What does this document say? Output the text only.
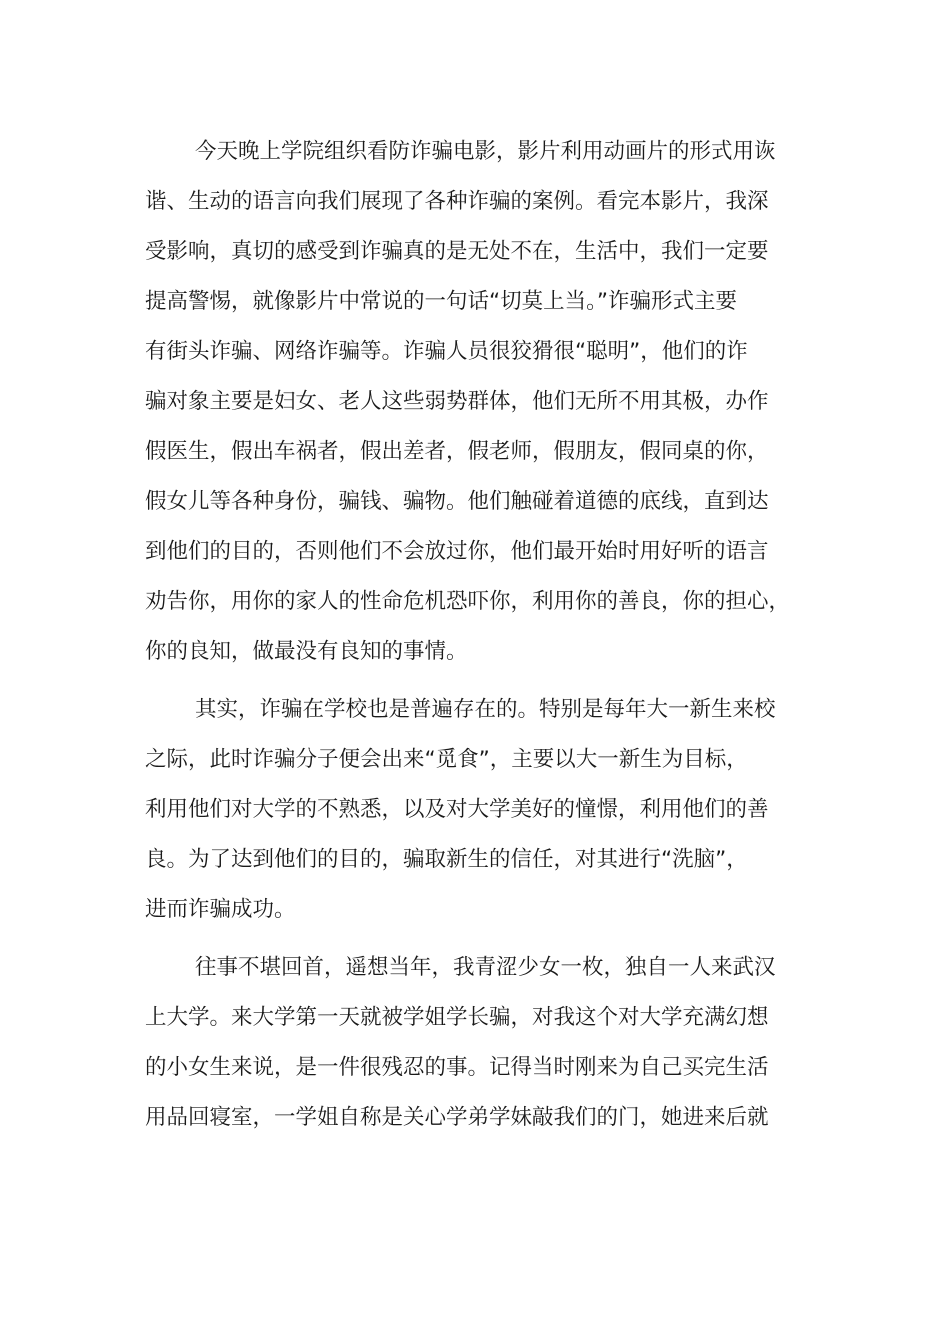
今天晚上学院组织看防诈骗电影，影片利用动画片的形式用诙
谐、生动的语言向我们展现了各种诈骗的案例。看完本影片，我深
受影响，真切的感受到诈骗真的是无处不在，生活中，我们一定要
提高警惕，就像影片中常说的一句话“切莫上当。”诈骗形式主要
有街头诈骗、网络诈骗等。诈骗人员很狡猾很“聪明”，他们的诈
骗对象主要是妇女、老人这些弱势群体，他们无所不用其极，办作
假医生，假出车祸者，假出差者，假老师，假朋友，假同桌的你，
假女儿等各种身份，骗钱、骗物。他们触碰着道德的底线，直到达
到他们的目的，否则他们不会放过你，他们最开始时用好听的语言
劝告你，用你的家人的性命危机恐吓你，利用你的善良，你的担心，
你的良知，做最没有良知的事情。
其实，诈骗在学校也是普遍存在的。特别是每年大一新生来校
之际，此时诈骗分子便会出来“觅食”，主要以大一新生为目标，
利用他们对大学的不熟悉，以及对大学美好的憧憬，利用他们的善
良。为了达到他们的目的，骗取新生的信任，对其进行“洗脑”，
进而诈骗成功。
往事不堪回首，遥想当年，我青涩少女一枚，独自一人来武汉
上大学。来大学第一天就被学姐学长骗，对我这个对大学充满幻想
的小女生来说，是一件很残忍的事。记得当时刚来为自己买完生活
用品回寝室，一学姐自称是关心学弟学妹敲我们的门，她进来后就
